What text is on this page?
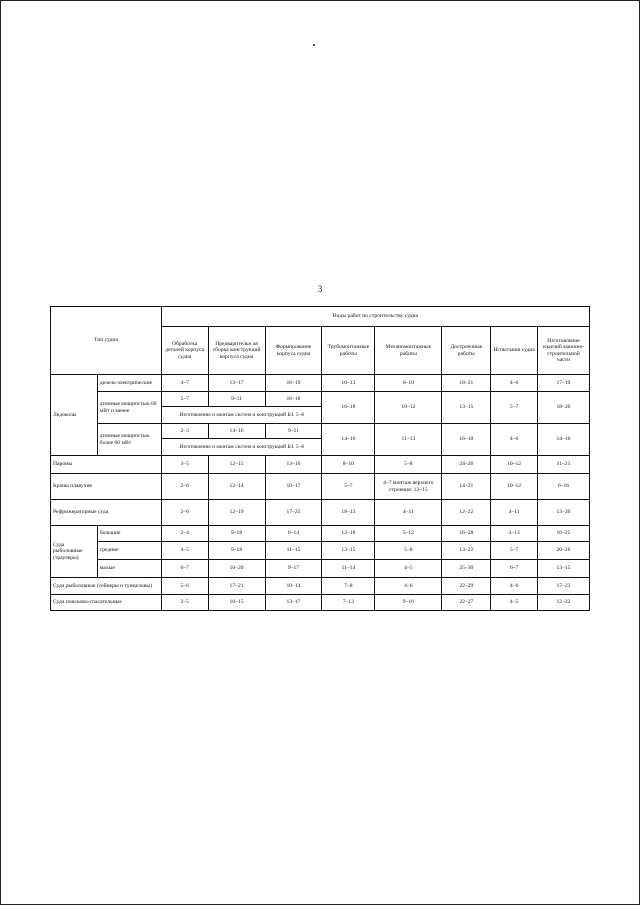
3
Тип судна		Виды работ по строительству судна							
		Обработка деталей корпуса судна	Предварительн ая сборка конструкций корпуса судна	Формирование корпуса судна	Трубомонтажные работы	Механомонтажные работы	Достроечные работы	Испытания судна	Изготовление изделий машино-строительной части
Ледоколы	дизель-электрические	4–7	13–17	16–19	10–13	6–10	18–21	4–6	17–19
	атомные мощностью 60 мВт и менее	5–7	9–11	16–18	16–18	10–12	13–15	5–7	18–20
		Изготовление и монтаж систем и конструкций БЗ. 5–8							
	атомные мощностью более 60 мВт	2–3	14–16	9–11	14–16	11–13	16–18	4–6	14–16
		Изготовление и монтаж систем и конструкций БЗ. 5–8							
Паромы		3–5	12–15	13–16	8–10	5–8	24–26	10–12	11–21
Краны плавучие		2–6	12–14	10–17	5–7	4–7 монтаж верхнего строения: 12–15	14–21	10–12	6–16
Рефрижераторные суда		2–6	12–19	17–25	18–13	4–11	12–22	4–11	13–20
Суда рыболовные (траулеры)	большие	2–4	9–18	6–14	12–18	5–12	16–28	3–13	16–25
	средние	4–5	9–18	11–15	13–15	5–8	13–22	5–7	20–26
	малые	6–7	10–20	9–17	11–14	4–5	25–30	6–7	13–15
Суда рыболовные (сейнеры и тунцеловы)		5–6	17–21	10–14	7–8	4–6	22–29	4–6	17–23
Суда поисково-спасательные		2–5	10–15	13–17	7–13	9–16	22–27	4–5	12–22
